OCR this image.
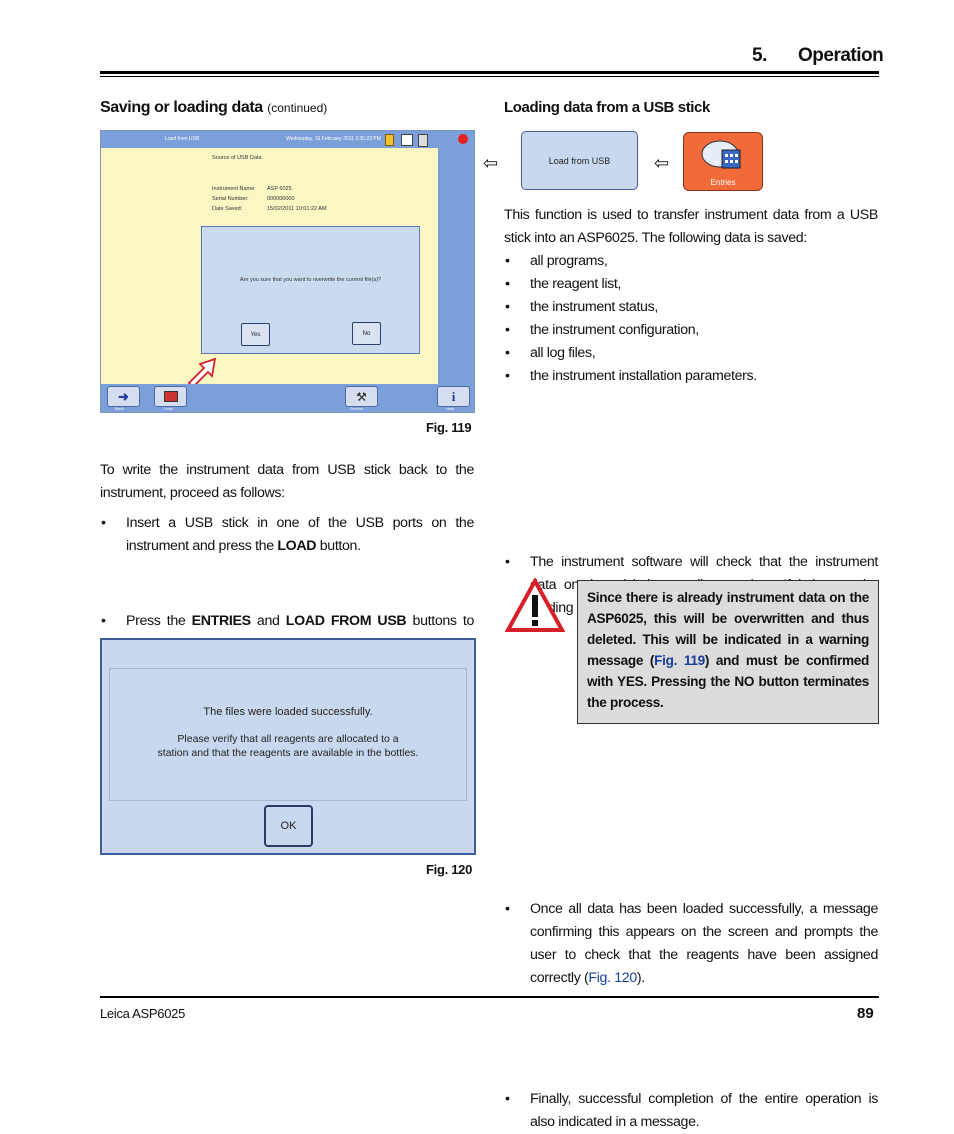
5. Operation
Saving or loading data (continued)
Load from USB	Wednesday, 16 February 2011 2:35:23 PM
Source of USB Data
Instrument Name: ASP 6025
Serial Number:	000000000
Date Saved:	15/02/2011 10:01:22 AM
Are you sure that you want to overwrite the current file(s)?
Yes	No
➜
Back	Load
⚒
Service
i
Help
Fig. 119
To write the instrument data from USB stick back to the instrument, proceed as follows:
• Insert a USB stick in one of the USB ports on the instrument and press the LOAD button.
• Press the ENTRIES and LOAD FROM USB buttons to
The files were loaded successfully.
Please verify that all reagents are allocated to a
station and that the reagents are available in the bottles.
OK
Fig. 120
Loading data from a USB stick
⇦	Load from USB	⇦
Entries
This function is used to transfer instrument data from a USB stick into an ASP6025. The following data is saved:
• all programs,
• the reagent list,
• the instrument status,
• the instrument configuration,
• all log files,
• the instrument installation parameters.
• The instrument software will check that the instrument data on
Since there is already instrument data on the ASP6025, this will be overwritten and thus deleted. This will be indicated in a warning message (Fig. 119) and must be confirmed with YES. Pressing the NO button terminates the process.
• Once all data has been loaded successfully, a message confirming this appears on the screen and prompts the user to check that the reagents have been assigned correctly (Fig. 120).
• Finally, successful completion of the entire operation is also indicated in a message.
Leica ASP6025	89
